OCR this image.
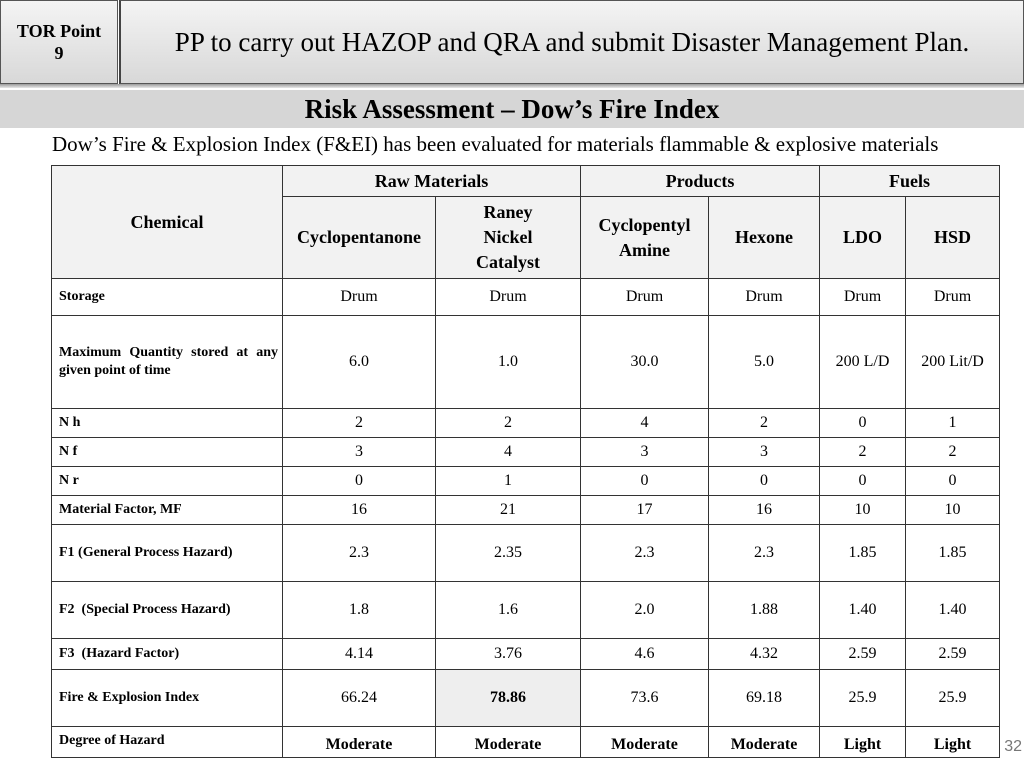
TOR Point
9	PP to carry out HAZOP and QRA and submit Disaster Management Plan.
Risk Assessment – Dow’s Fire Index
Dow’s Fire & Explosion Index (F&EI) has been evaluated for materials flammable & explosive materials
Chemical	Raw Materials		Products		Fuels	
	Cyclopentanone	Raney Nickel Catalyst	Cyclopentyl Amine	Hexone	LDO	HSD
Storage	Drum	Drum	Drum	Drum	Drum	Drum
Maximum Quantity stored at any given point of time	6.0	1.0	30.0	5.0	200 L/D	200 Lit/D
N h	2	2	4	2	0	1
N f	3	4	3	3	2	2
N r	0	1	0	0	0	0
Material Factor, MF	16	21	17	16	10	10
F1 (General Process Hazard)	2.3	2.35	2.3	2.3	1.85	1.85
F2  (Special Process Hazard)	1.8	1.6	2.0	1.88	1.40	1.40
F3  (Hazard Factor)	4.14	3.76	4.6	4.32	2.59	2.59
Fire & Explosion Index	66.24	78.86	73.6	69.18	25.9	25.9
Degree of Hazard	Moderate	Moderate	Moderate	Moderate	Light	Light 32
